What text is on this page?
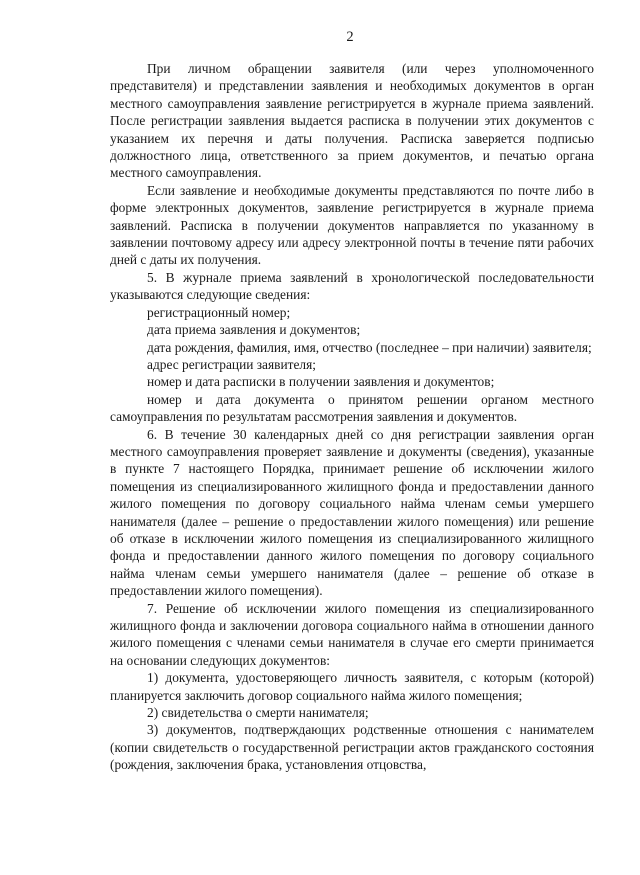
2

При личном обращении заявителя (или через уполномоченного представителя) и представлении заявления и необходимых документов в орган местного самоуправления заявление регистрируется в журнале приема заявлений. После регистрации заявления выдается расписка в получении этих документов с указанием их перечня и даты получения. Расписка заверяется подписью должностного лица, ответственного за прием документов, и печатью органа местного самоуправления.

Если заявление и необходимые документы представляются по почте либо в форме электронных документов, заявление регистрируется в журнале приема заявлений. Расписка в получении документов направляется по указанному в заявлении почтовому адресу или адресу электронной почты в течение пяти рабочих дней с даты их получения.

5. В журнале приема заявлений в хронологической последовательности указываются следующие сведения:

регистрационный номер;

дата приема заявления и документов;

дата рождения, фамилия, имя, отчество (последнее – при наличии) заявителя;

адрес регистрации заявителя;

номер и дата расписки в получении заявления и документов;

номер и дата документа о принятом решении органом местного самоуправления по результатам рассмотрения заявления и документов.

6. В течение 30 календарных дней со дня регистрации заявления орган местного самоуправления проверяет заявление и документы (сведения), указанные в пункте 7 настоящего Порядка, принимает решение об исключении жилого помещения из специализированного жилищного фонда и предоставлении данного жилого помещения по договору социального найма членам семьи умершего нанимателя (далее – решение о предоставлении жилого помещения) или решение об отказе в исключении жилого помещения из специализированного жилищного фонда и предоставлении данного жилого помещения по договору социального найма членам семьи умершего нанимателя (далее – решение об отказе в предоставлении жилого помещения).

7. Решение об исключении жилого помещения из специализированного жилищного фонда и заключении договора социального найма в отношении данного жилого помещения с членами семьи нанимателя в случае его смерти принимается на основании следующих документов:

1) документа, удостоверяющего личность заявителя, с которым (которой) планируется заключить договор социального найма жилого помещения;

2) свидетельства о смерти нанимателя;

3) документов, подтверждающих родственные отношения с нанимателем (копии свидетельств о государственной регистрации актов гражданского состояния (рождения, заключения брака, установления отцовства,
